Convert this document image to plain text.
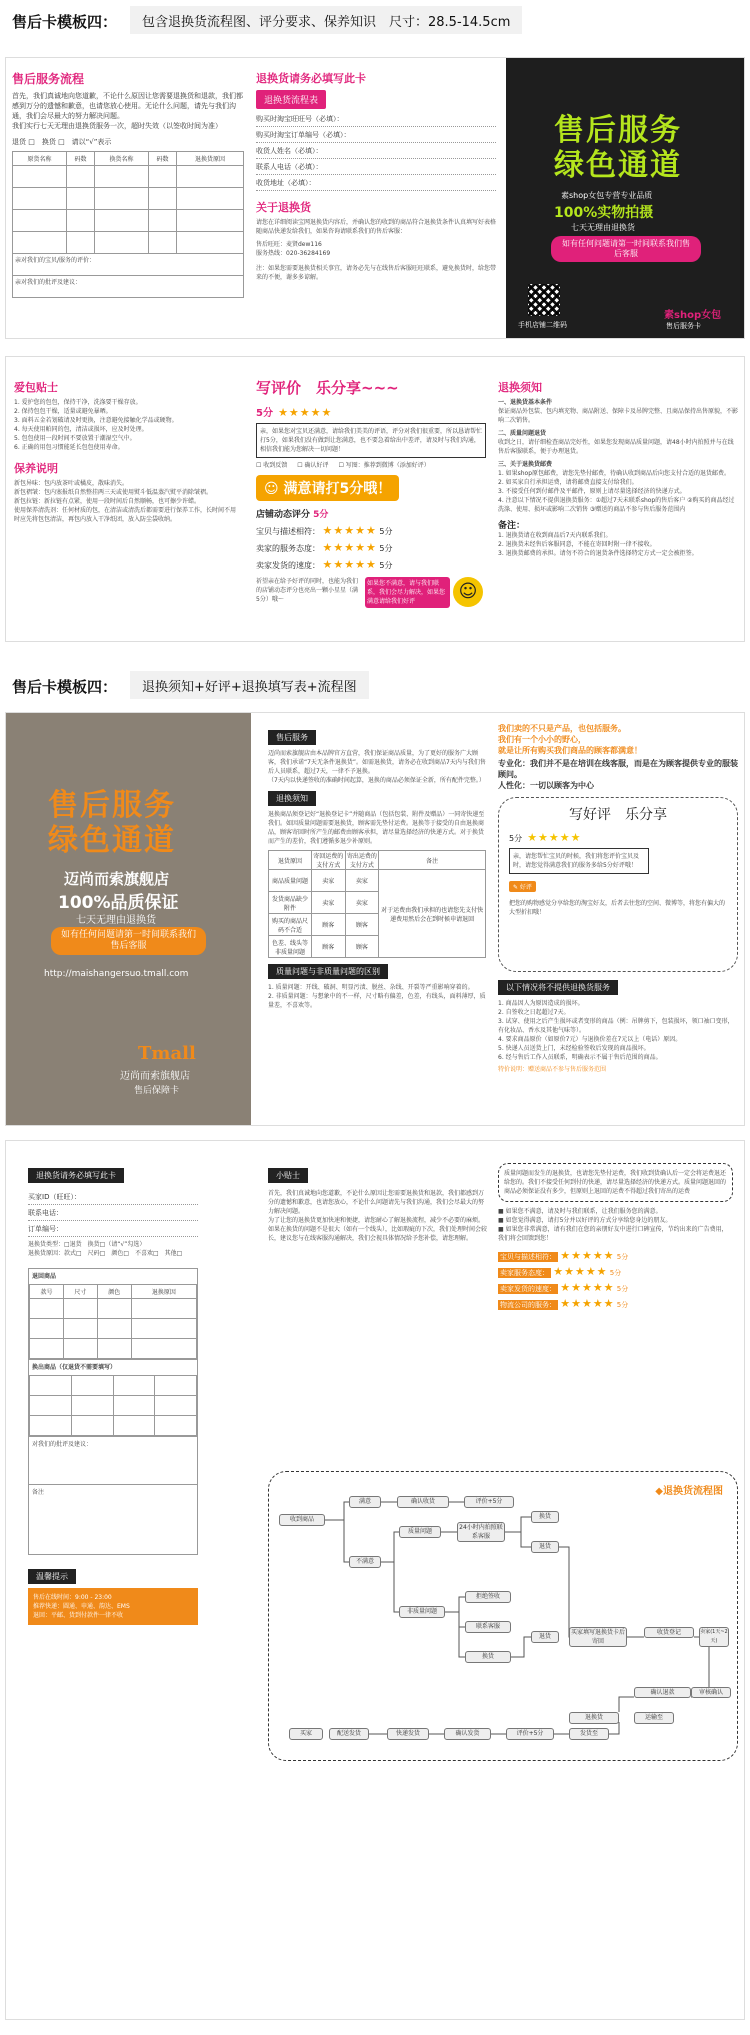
售后卡模板四：	包含退换货流程图、评分要求、保养知识　尺寸：28.5-14.5cm
售后服务流程
首先，我们真诚地向您道歉，不论什么原因让您需要退换货和退款，我们都感到万分的遗憾和歉意，也请您放心使用。无论什么问题，请先与我们沟通，我们会尽最大的努力解决问题。
我们实行七天无理由退换货服务一次，超时失效（以签收时间为准）
退货 □　换货 □　请以“√”表示
原货名称	码数	换货名称	码数	退换货原因

亲对我们的宝贝/服务的评价：
亲对我们的批评及建议：
退换货请务必填写此卡
退换货流程表
购买时淘宝旺旺号（必填）：
购买时淘宝订单编号（必填）：
收货人姓名（必填）：
联系人电话（必填）：
收货地址（必填）：
关于退换货
请您在详细阅读宝网退换货内容后，并确认您的收到的商品符合退换货条件认真填写好表格随商品快递发给我们，如果咨询请联系我们的售后客服：
售后旺旺：麦贤dew116
服务热线：020-36284169
注：如果您需要退换货相关事宜，请务必先与在线售后客服旺旺联系，避免换货时，给您带来的不便，谢多多谅解。
售后服务
绿色通道
素shop女包专营专业品质
100%实物拍摄
七天无理由退换货
如有任何问题请第一时间联系我们售后客服
手机店铺二维码
素shop女包
售后服务卡
爱包贴士
1. 爱护您的包包，保持干净，洗涤要干燥存放。
2. 保持包包干燥，适量或避免暴晒。
3. 面料五金若划破请及时更换，注意避免接触化学品或硬物。
4. 每天使用帕同的包，清洁或损坏，应及时处理。
5. 包包使用一段时间不要放置于潮湿空气中。
6. 正确的用包习惯能延长包包使用寿命。
保养说明
新包异味：包内放茶叶或橘皮，散味消失。
新包褶皱：包内塞报纸自然整挂两三天或使用熨斗低温蒸汽熨平消除皱褶。
新包拉链：新拉链有点紧，使用一段时间后自然顺畅，也可擦少许蜡。
使用保养清洗剂：任何材质的包，在清洁或清洗后都需要进行保养工作，长时间不用时应先将包包清洁，再包内放入干净纸团，放入防尘袋收纳。
写评价　乐分享~~~
5分 ★★★★★
亲，如果您对宝贝还满意，请给我们美美的评语，评分对我们很重要，所以恳请帮忙打5分，如果我们没有做到让您满意，也不要急着给出中差评，请及时与我们沟通，相信我们能为您解决一切问题！
☐ 收到反馈 ☐ 确认好评 ☐ 写图：推荐到微博（添加好评）
☺ 满意请打5分哦！
店铺动态评分 5分
宝贝与描述相符： ★★★★★ 5分
卖家的服务态度： ★★★★★ 5分
卖家发货的速度： ★★★★★ 5分
祈望亲在给予好评的同时，也能为我们的店铺动态评分也亮出一颗小星星（满5分）哦～
如果您不满意，请与我们联系，我们会尽力解决，如果您满意请给我们好评	☺
退换须知
一、退换货基本条件
保证商品外包装、包内填充物、商品附送、保障卡及吊牌完整、且商品保持出售原貌，不影响二次销售。
二、质量问题退货
收到之日，请仔细检查商品完好性，如果您发现商品质量问题，请48小时内拍照并与在线售后客服联系，便于办理退货。
三、关于退换货邮费
1. 如果shop原包邮费，请您先垫付邮费，待确认收到商品后向您支付合适的退货邮费。
2. 如买家自行承担运费，请将邮费直接支付给我们。
3. 不接受任何到付邮件及平邮件，原则上请尽量选择经济的快递方式。
4. 注意以下情况不提供退换货服务：①超过7天未联系shop的售后客户 ②购买的商品经过洗涤、使用、损坏或影响二次销售 ③赠送的商品不参与售后服务范围内
备注：
1. 退换货请在收到商品后7天内联系我们。
2. 退换货未经售后客服同意，不能在寄回时附一律不接收。
3. 退换货邮费的承担。请勿不符合的退货条件选择特定方式一定会被拒签。
售后卡模板四：	退换须知+好评+退换填写表+流程图
售后服务
绿色通道
迈尚而索旗舰店
100%品质保证
七天无理由退换货
如有任何问题请第一时间联系我们售后客服
http://maishangersuo.tmall.com
Tmall
迈尚而索旗舰店
售后保障卡
售后服务
迈尚而索旗舰店由本品牌官方直营，我们保证商品质量，为了更好的服务广大顾客，我们承诺“7天无条件退换货”。如需退换货，请务必在收到商品7天内与我们售后人员联系，超过7天，一律不予退换。
（7天内以快递签收的准确时间起算，退换的商品必须保证全新，所有配件完整。）
退换须知
退换商品须登记好“退换登记卡”并随商品（包括包装、附件及赠品）一同寄快递至我们。如因质量问题需要退换货，顾客需先垫付运费。退换等于接受的自由退换商品，顾客寄回时所产生的邮费由顾客承担，请尽量选择经济的快递方式。对于换货而产生的差价，我们遵循多退少补原则。
退货原因	寄回运费的支付方式	寄出运费的支付方式	备注
商品质量问题	卖家	卖家	对于运费由我们承担的也请您先支付快递费用然后会在到时候申请退回
发货商品缺少附件	卖家	卖家	
购买的商品尺码不合适	顾客	顾客	
色差、线头等非质量问题	顾客	顾客	
质量问题与非质量问题的区别
1. 质量问题：开线、破洞、明显污渍、脱丝、杂线、开裂等严重影响穿着的。
2. 非质量问题：与想象中的不一样，尺寸略有偏差，色差，有线头，面料薄厚，质量差，不喜欢等。
我们卖的不只是产品，也包括服务。
我们有一个小小的野心，
就是让所有购买我们商品的顾客都满意！
专业化：我们并不是在培训在线客服，而是在为顾客提供专业的服装顾问。
人性化：一切以顾客为中心
写好评　乐分享
5分 ★★★★★
亲，请您帮忙宝贝的时候，我们将您评价宝贝及时，请您觉得满意我们的服务多给5分好评哦！
✎ 好评
把您的购物感觉分享给您的淘宝好友，后者去往您的空间、微博等，将您有偏大的大型折扣哦！
以下情况将不提供退换货服务
1. 商品因人为原因造成的损坏。
2. 自签收之日起超过7天。
3. 试穿、使用之后产生损坏或者变形的商品（例：吊牌剪下，包装损坏，领口袖口变形，有化妆品、香水及其他气味等）。
4. 要求商品原价（如原价7元）与退换价差在7元以上（电话）原因。
5. 快递人员送货上门，未经检验签收后发现的商品损坏。
6. 经与售后工作人员联系，明确表示不属于售后范围的商品。
特价说明：赠送商品不参与售后服务范围
退换货请务必填写此卡
买家ID（旺旺）：
联系电话：
订单编号：
退换货类型：□退货　换货□（请“√”勾选）
退换货原因：款式□　尺码□　颜色□　不喜欢□　其他□
退回商品
款号	尺寸	颜色	退换原因

换出商品（仅退货不需要填写）

对我们的批评及建议：
备注
温馨提示
售后在线时间：9:00 - 23:00
推荐快递：圆通、申通、韵达、EMS
退回：平邮、货到付款件一律不收
小贴士
首先，我们真诚地向您道歉，不论什么原因让您需要退换货和退款，我们都感到万分的遗憾和歉意，也请您放心，不论什么问题请先与我们沟通，我们会尽最大的努力解决问题。
为了让您的退换货更加快速和便捷，请您耐心了解退换流程，减少不必要的麻烦。
如果在换货的问题不是很大（如有一个线头），比如瑕疵的下次，我们处理时间会较长，建议您与在线客服沟通解决，我们会视具体情况给予您补偿，请您理解。
质量问题而发生的退换货，也请您先垫付运费，我们收到货确认后一定会将运费退还给您的。我们不接受任何到付的快递，请尽量选择经济的快递方式。质量问题退回的商品必须保证没有多少，但原则上退回的运费不得超过我们寄出的运费
■ 如果您不满意，请及时与我们联系，让我们服务您的满意。
■ 如您觉得满意，请打5分并以好评的方式分享给您身边的朋友。
■ 如果您非常满意，请有我们在您的亲朋好友中进行口碑宣传，节约出来的广告费用，我们将会回馈到您！
宝贝与描述相符： ★★★★★ 5分
卖家服务态度： ★★★★★ 5分
卖家发货的速度： ★★★★★ 5分
物流公司的服务： ★★★★★ 5分
◆退换货流程图
收到商品
满意	确认收货	评价+5分
不满意
质量问题
24小时内拍照联系客服
换货
退货
非质量问题
拒绝签收
联系客服
退货
换货
买家填写退换货卡后寄回
收货登记	卖家(1天~2天)
确认退款	审核确认
退换货
评价+5分
确认发货
快递发货	发货至
配送发货
买家
运输至
